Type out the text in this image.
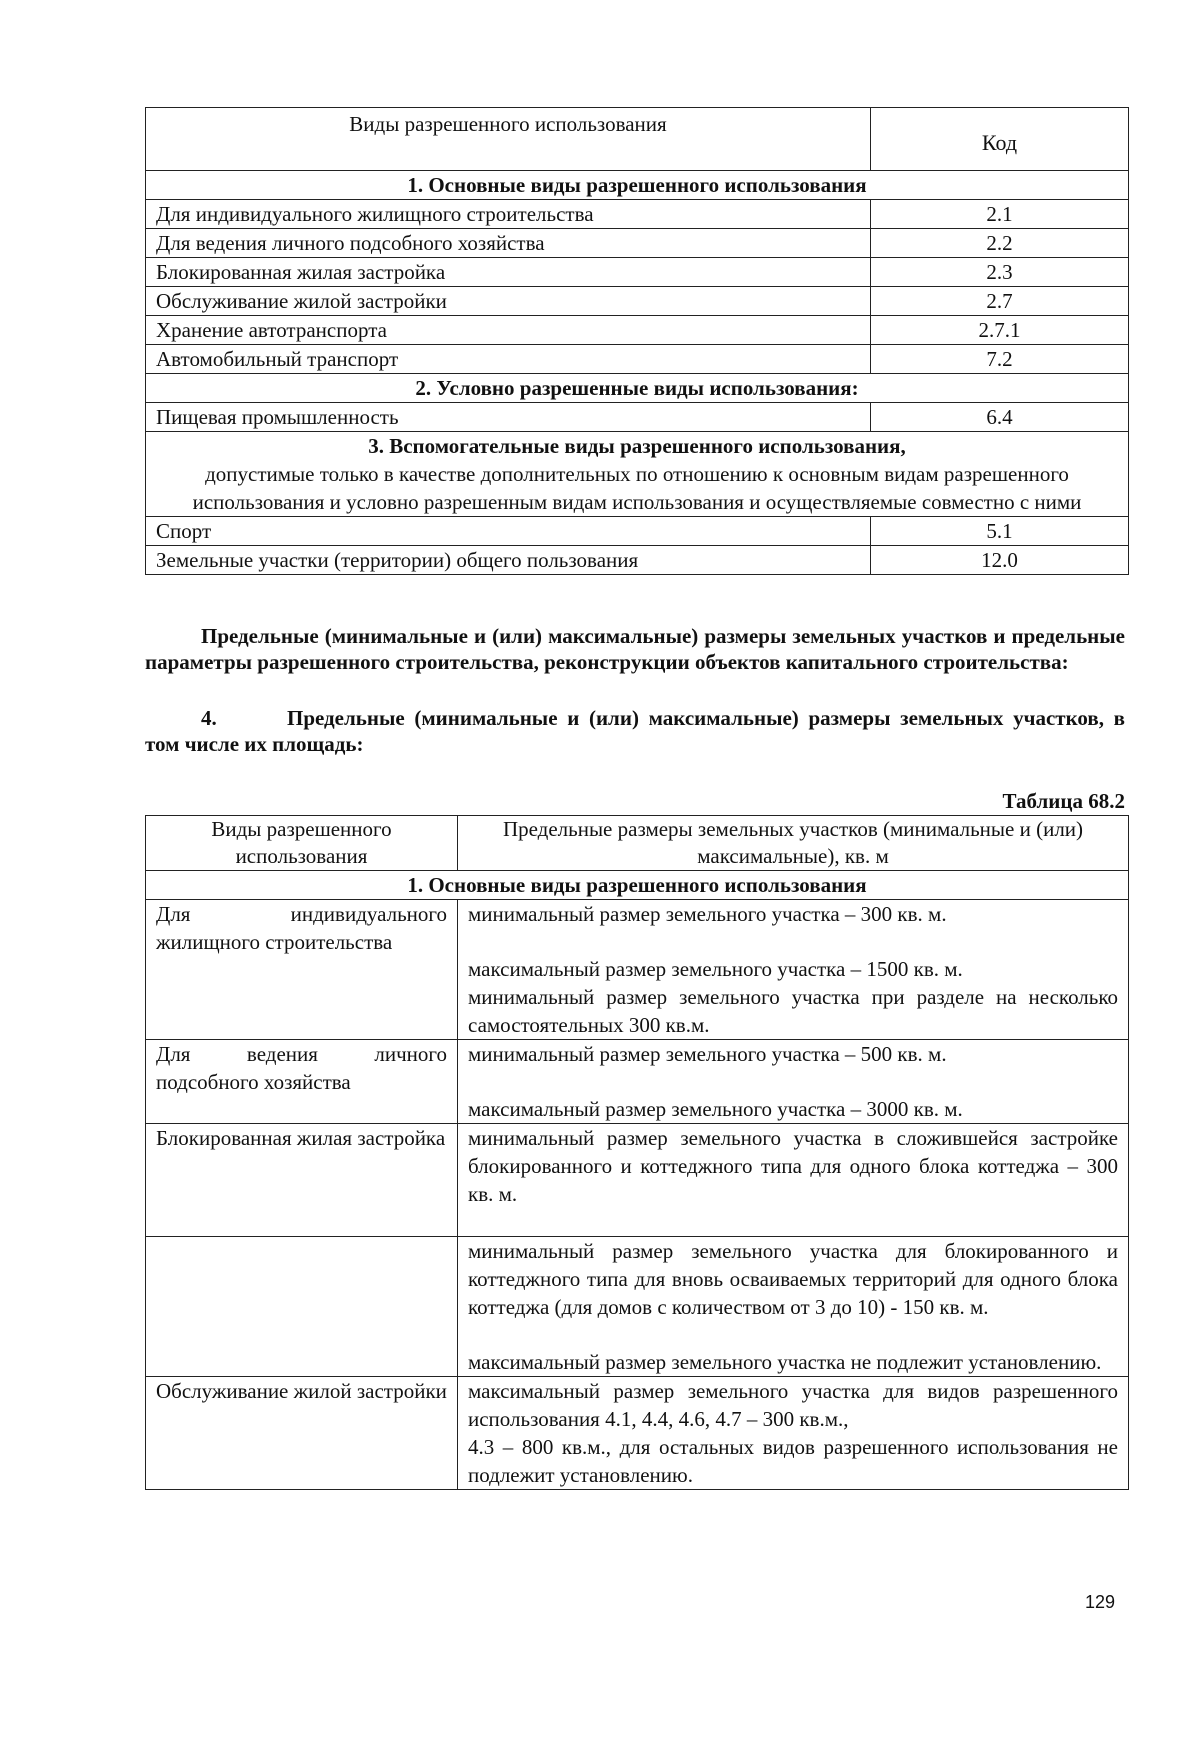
Виды разрешенного использования	Код
1. Основные виды разрешенного использования	
Для индивидуального жилищного строительства	2.1
Для ведения личного подсобного хозяйства	2.2
Блокированная жилая застройка	2.3
Обслуживание жилой застройки	2.7
Хранение автотранспорта	2.7.1
Автомобильный транспорт	7.2
2. Условно разрешенные виды использования:	
Пищевая промышленность	6.4

3. Вспомогательные виды разрешенного использования,
допустимые только в качестве дополнительных по отношению к основным видам разрешенного использования и условно разрешенным видам использования и осуществляемые совместно с ними	
Спорт	5.1
Земельные участки (территории) общего пользования	12.0

Предельные (минимальные и (или) максимальные) размеры земельных участков и предельные параметры разрешенного строительства, реконструкции объектов капитального строительства:

4.	Предельные (минимальные и (или) максимальные) размеры земельных участков, в том числе их площадь:

Таблица 68.2
Виды разрешенного использования	Предельные размеры земельных участков (минимальные и (или) максимальные), кв. м
1. Основные виды разрешенного использования	
Для индивидуального жилищного строительства	минимальный размер земельного участка – 300 кв. м.

максимальный размер земельного участка – 1500 кв. м.

минимальный размер земельного участка при разделе на несколько самостоятельных 300 кв.м.

Для ведения личного подсобного хозяйства	минимальный размер земельного участка – 500 кв. м.

максимальный размер земельного участка – 3000 кв. м.

Блокированная жилая застройка	минимальный размер земельного участка в сложившейся застройке блокированного и коттеджного типа для одного блока коттеджа – 300 кв. м.

	минимальный размер земельного участка для блокированного и коттеджного типа для вновь осваиваемых территорий для одного блока коттеджа (для домов с количеством от 3 до 10) - 150 кв. м.

максимальный размер земельного участка не подлежит установлению.

Обслуживание жилой застройки	максимальный размер земельного участка для видов разрешенного использования 4.1, 4.4, 4.6, 4.7 – 300 кв.м.,

4.3 – 800 кв.м., для остальных видов разрешенного использования не подлежит установлению.

129
